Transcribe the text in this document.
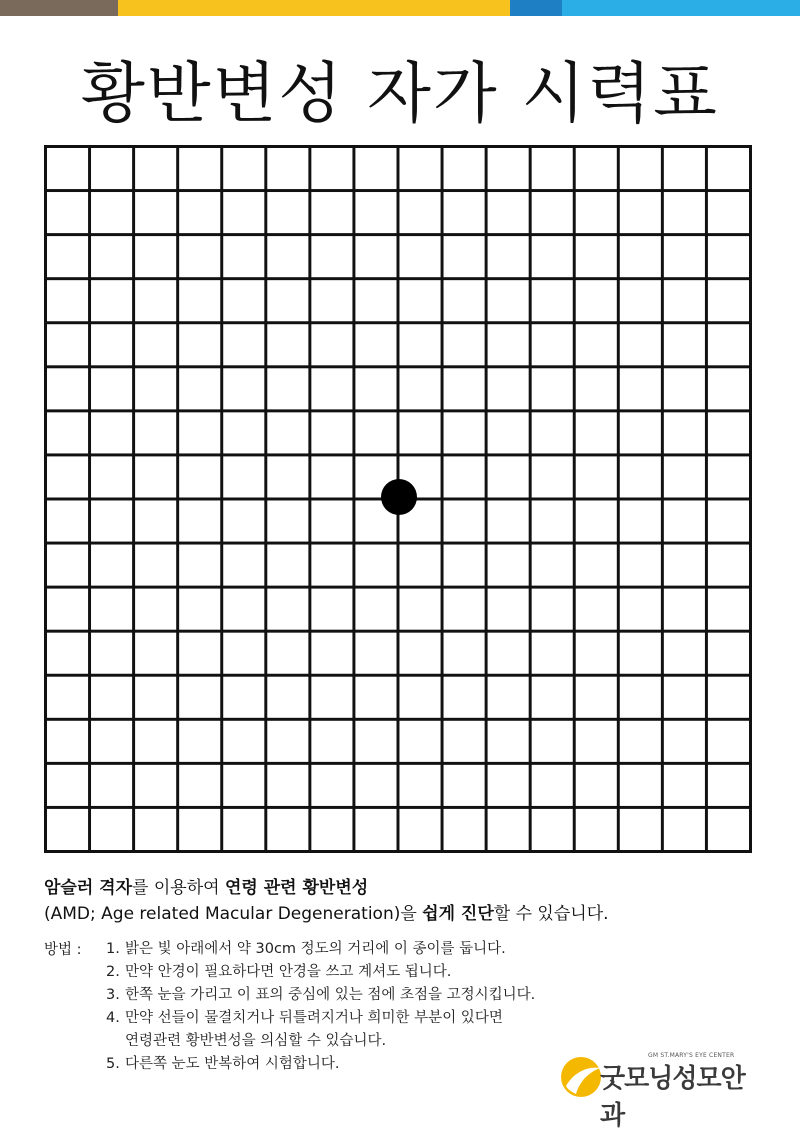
황반변성 자가 시력표
암슬러 격자를 이용하여 연령 관련 황반변성
(AMD; Age related Macular Degeneration)을 쉽게 진단할 수 있습니다.
방법 : 1. 밝은 빛 아래에서 약 30cm 정도의 거리에 이 종이를 둡니다.
2. 만약 안경이 필요하다면 안경을 쓰고 계셔도 됩니다.
3. 한쪽 눈을 가리고 이 표의 중심에 있는 점에 초점을 고정시킵니다.
4. 만약 선들이 물결치거나 뒤틀려지거나 희미한 부분이 있다면
연령관련 황반변성을 의심할 수 있습니다.
5. 다른쪽 눈도 반복하여 시험합니다.
GM ST.MARY'S EYE CENTER
굿모닝성모안과
